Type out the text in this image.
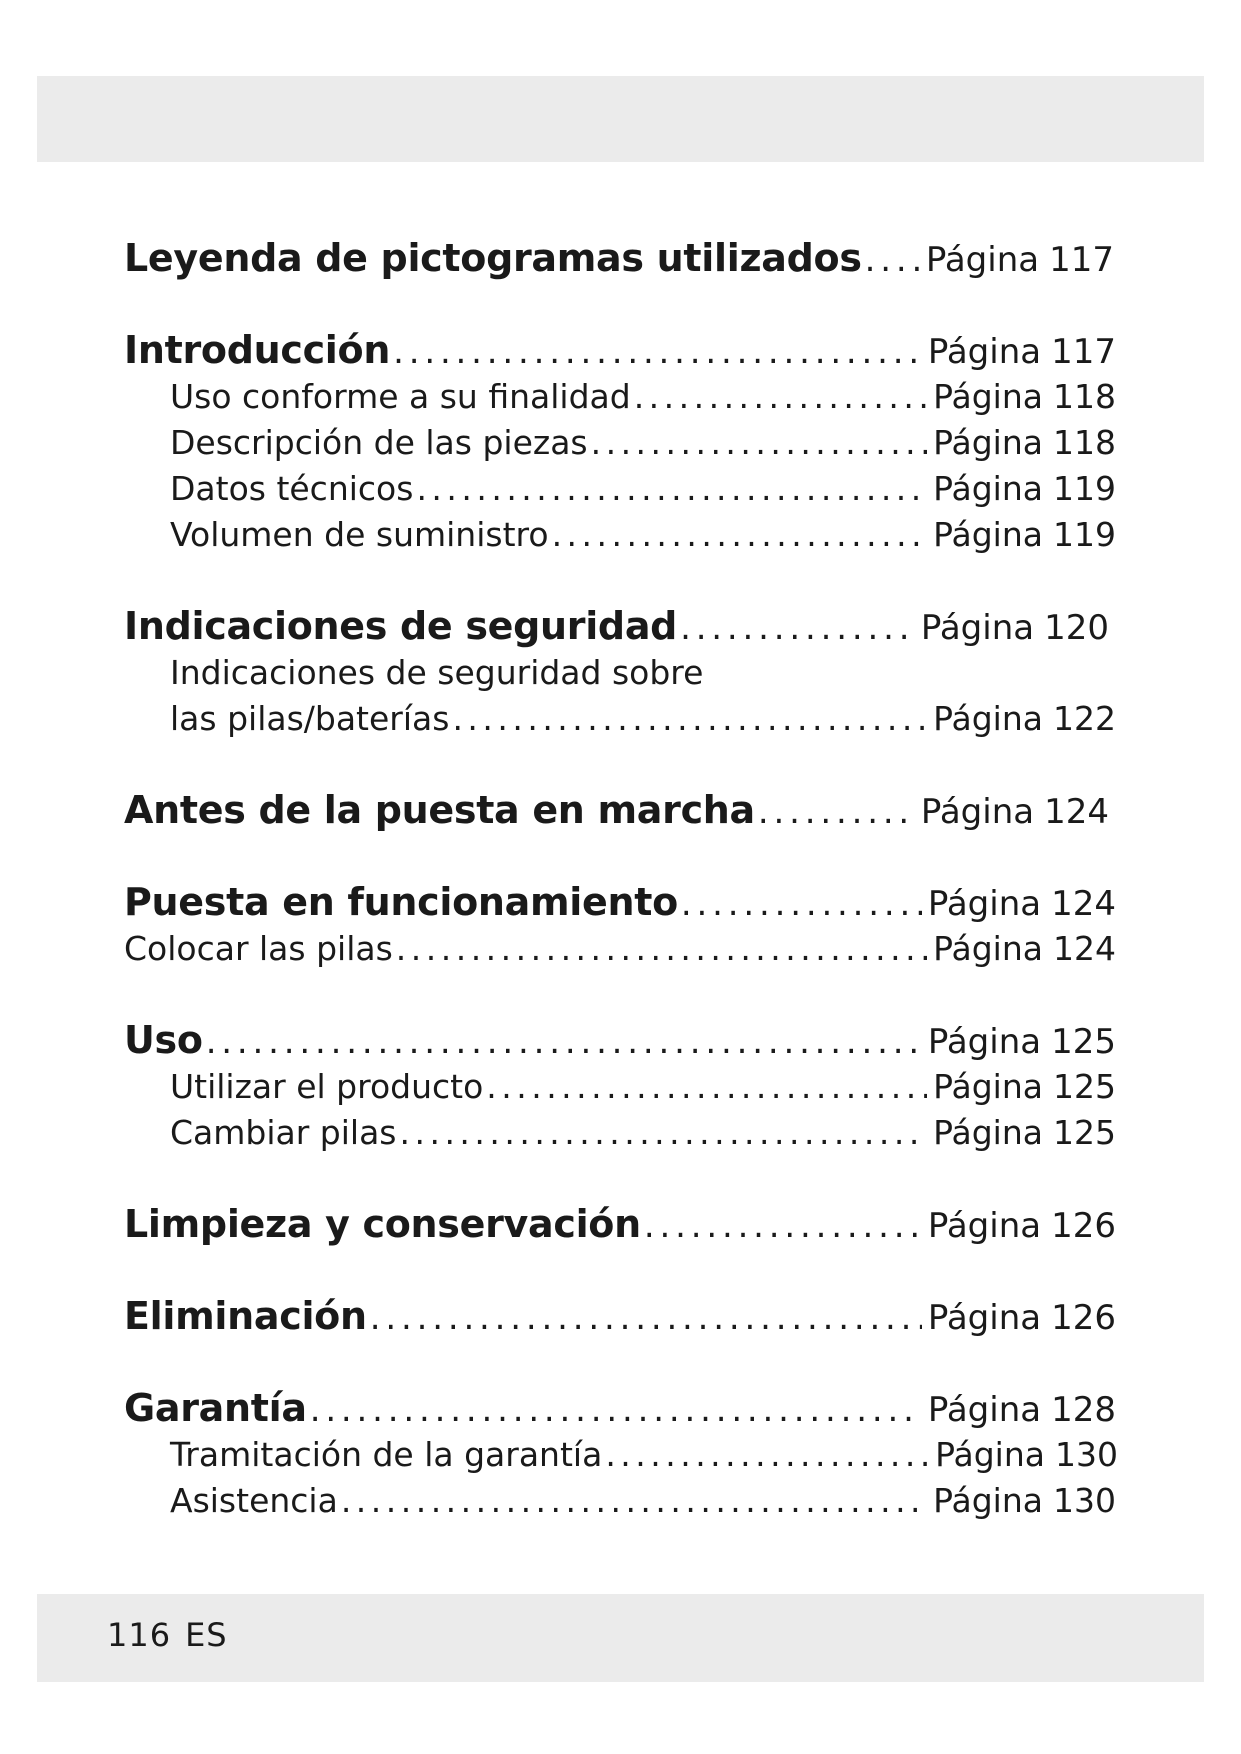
Leyenda de pictogramas utilizados . . . Página 117
Introducción . . .	Página 117
Uso conforme a su finalidad . . .	Página 118
Descripción de las piezas . . .	Página 118
Datos técnicos . . .	Página 119
Volumen de suministro . . .	Página 119
Indicaciones de seguridad . . .	Página 120
Indicaciones de seguridad sobre
las pilas/baterías . . .	Página 122
Antes de la puesta en marcha . . .	Página 124
Puesta en funcionamiento . . .	Página 124
Colocar las pilas . . .	Página 124
Uso . . .	Página 125
Utilizar el producto . . .	Página 125
Cambiar pilas . . .	Página 125
Limpieza y conservación . . .	Página 126
Eliminación . . .	Página 126
Garantía . . .	Página 128
Tramitación de la garantía . . .	Página 130
Asistencia . . .	Página 130
116 ES
